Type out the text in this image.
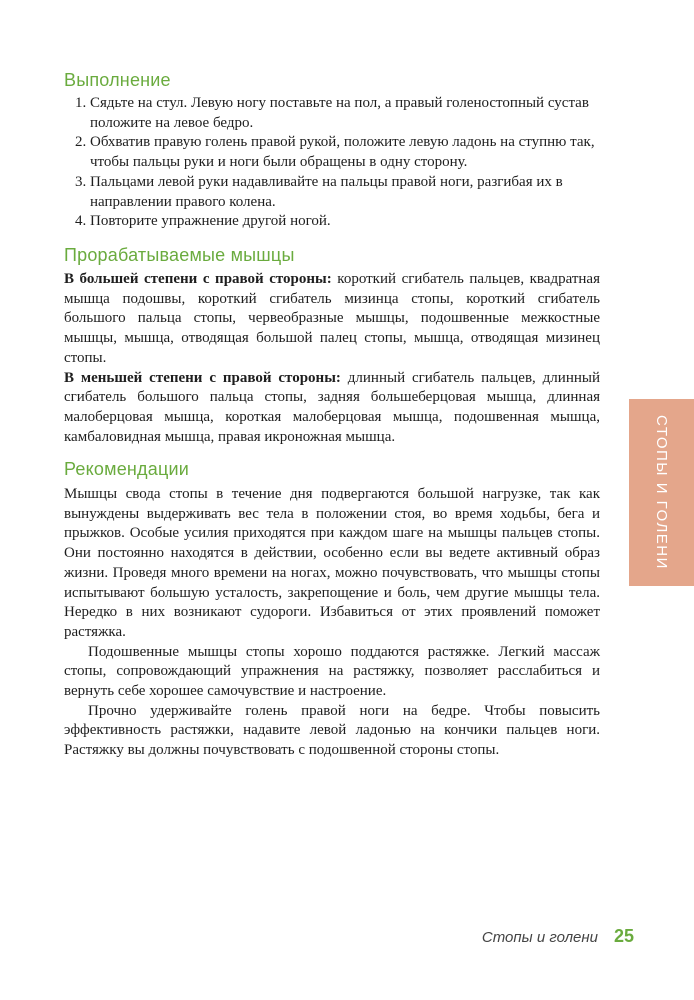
Выполнение
1. Сядьте на стул. Левую ногу поставьте на пол, а правый голеностопный сустав положите на левое бедро.
2. Обхватив правую голень правой рукой, положите левую ладонь на ступню так, чтобы пальцы руки и ноги были обращены в одну сторону.
3. Пальцами левой руки надавливайте на пальцы правой ноги, разгибая их в направлении правого колена.
4. Повторите упражнение другой ногой.
Прорабатываемые мышцы

В большей степени с правой стороны: короткий сгибатель пальцев, квадратная мышца подошвы, короткий сгибатель мизинца стопы, короткий сгибатель большого пальца стопы, червеобразные мышцы, подошвенные межкостные мышцы, мышца, отводящая большой палец стопы, мышца, отводящая мизинец стопы.

В меньшей степени с правой стороны: длинный сгибатель пальцев, длинный сгибатель большого пальца стопы, задняя большеберцовая мышца, длинная малоберцовая мышца, короткая малоберцовая мышца, подошвенная мышца, камбаловидная мышца, правая икроножная мышца.

Рекомендации

Мышцы свода стопы в течение дня подвергаются большой нагрузке, так как вынуждены выдерживать вес тела в положении стоя, во время ходьбы, бега и прыжков. Особые усилия приходятся при каждом шаге на мышцы пальцев стопы. Они постоянно находятся в действии, особенно если вы ведете активный образ жизни. Проведя много времени на ногах, можно почувствовать, что мышцы стопы испытывают большую усталость, закрепощение и боль, чем другие мышцы тела. Нередко в них возникают судороги. Избавиться от этих проявлений поможет растяжка.

Подошвенные мышцы стопы хорошо поддаются растяжке. Легкий массаж стопы, сопровождающий упражнения на растяжку, позволяет расслабиться и вернуть себе хорошее самочувствие и настроение.

Прочно удерживайте голень правой ноги на бедре. Чтобы повысить эффективность растяжки, надавите левой ладонью на кончики пальцев ноги. Растяжку вы должны почувствовать с подошвенной стороны стопы.

СТОПЫ И ГОЛЕНИ
Стопы и голени 25
